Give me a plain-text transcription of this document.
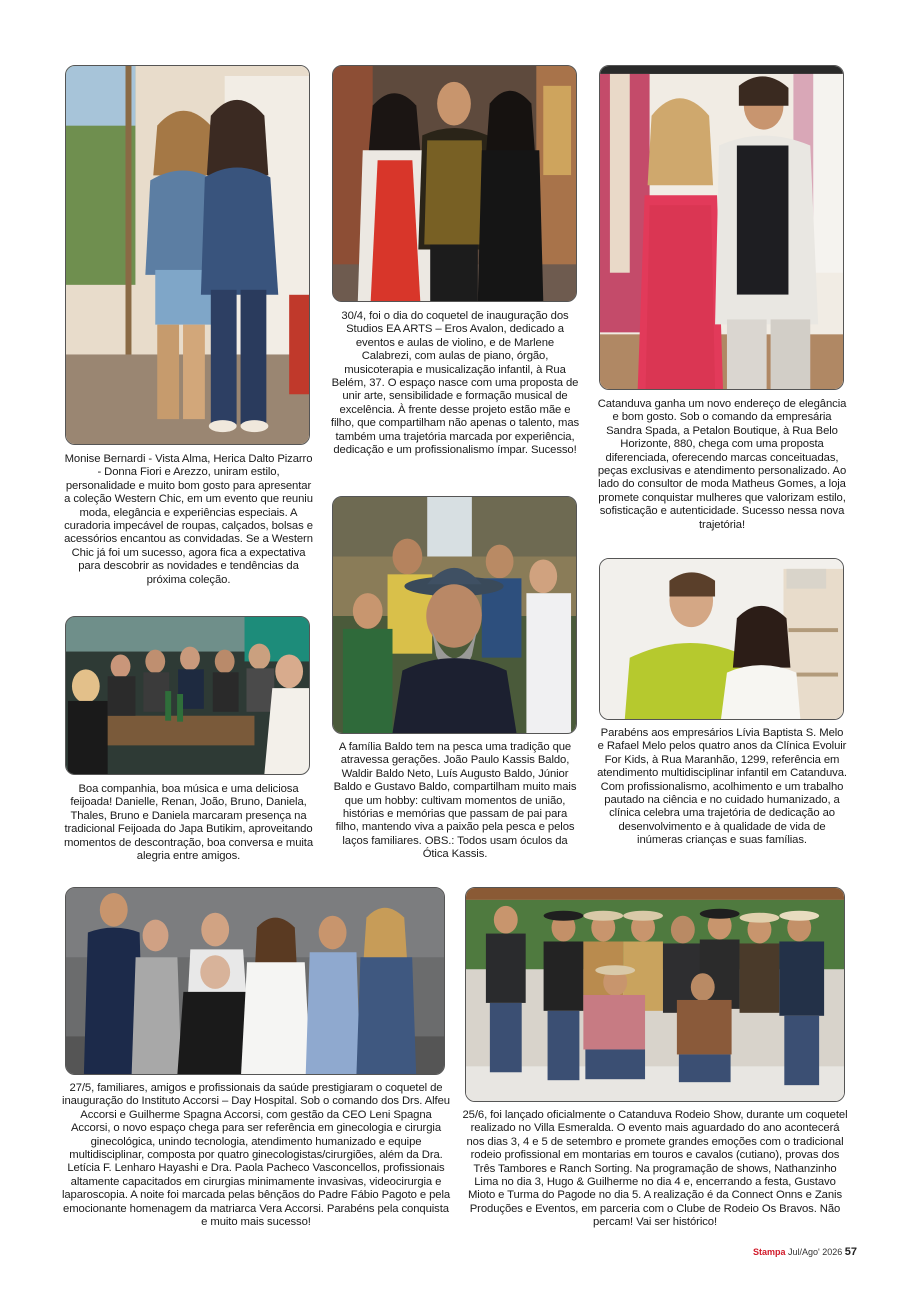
Monise Bernardi - Vista Alma, Herica Dalto Pizarro - Donna Fiori e Arezzo, uniram estilo, personalidade e muito bom gosto para apresentar a coleção Western Chic, em um evento que reuniu moda, elegância e experiências especiais. A curadoria impecável de roupas, calçados, bolsas e acessórios encantou as convidadas. Se a Western Chic já foi um sucesso, agora fica a expectativa para descobrir as novidades e tendências da próxima coleção.
30/4, foi o dia do coquetel de inauguração dos Studios EA ARTS – Eros Avalon, dedicado a eventos e aulas de violino, e de Marlene Calabrezi, com aulas de piano, órgão, musicoterapia e musicalização infantil, à Rua Belém, 37. O espaço nasce com uma proposta de unir arte, sensibilidade e formação musical de excelência. À frente desse projeto estão mãe e filho, que compartilham não apenas o talento, mas também uma trajetória marcada por experiência, dedicação e um profissionalismo ímpar. Sucesso!
Catanduva ganha um novo endereço de elegância e bom gosto. Sob o comando da empresária Sandra Spada, a Petalon Boutique, à Rua Belo Horizonte, 880, chega com uma proposta diferenciada, oferecendo marcas conceituadas, peças exclusivas e atendimento personalizado. Ao lado do consultor de moda Matheus Gomes, a loja promete conquistar mulheres que valorizam estilo, sofisticação e autenticidade. Sucesso nessa nova trajetória!
Boa companhia, boa música e uma deliciosa feijoada! Danielle, Renan, João, Bruno, Daniela, Thales, Bruno e Daniela marcaram presença na tradicional Feijoada do Japa Butikim, aproveitando momentos de descontração, boa conversa e muita alegria entre amigos.
A família Baldo tem na pesca uma tradição que atravessa gerações. João Paulo Kassis Baldo, Waldir Baldo Neto, Luís Augusto Baldo, Júnior Baldo e Gustavo Baldo, compartilham muito mais que um hobby: cultivam momentos de união, histórias e memórias que passam de pai para filho, mantendo viva a paixão pela pesca e pelos laços familiares. OBS.: Todos usam óculos da Ótica Kassis.
Parabéns aos empresários Lívia Baptista S. Melo e Rafael Melo pelos quatro anos da Clínica Evoluir For Kids, à Rua Maranhão, 1299, referência em atendimento multidisciplinar infantil em Catanduva. Com profissionalismo, acolhimento e um trabalho pautado na ciência e no cuidado humanizado, a clínica celebra uma trajetória de dedicação ao desenvolvimento e à qualidade de vida de inúmeras crianças e suas famílias.
27/5, familiares, amigos e profissionais da saúde prestigiaram o coquetel de inauguração do Instituto Accorsi – Day Hospital. Sob o comando dos Drs. Alfeu Accorsi e Guilherme Spagna Accorsi, com gestão da CEO Leni Spagna Accorsi, o novo espaço chega para ser referência em ginecologia e cirurgia ginecológica, unindo tecnologia, atendimento humanizado e equipe multidisciplinar, composta por quatro ginecologistas/cirurgiões, além da Dra. Letícia F. Lenharo Hayashi e Dra. Paola Pacheco Vasconcellos, profissionais altamente capacitados em cirurgias minimamente invasivas, videocirurgia e laparoscopia. A noite foi marcada pelas bênçãos do Padre Fábio Pagoto e pela emocionante homenagem da matriarca Vera Accorsi. Parabéns pela conquista e muito mais sucesso!
25/6, foi lançado oficialmente o Catanduva Rodeio Show, durante um coquetel realizado no Villa Esmeralda. O evento mais aguardado do ano acontecerá nos dias 3, 4 e 5 de setembro e promete grandes emoções com o tradicional rodeio profissional em montarias em touros e cavalos (cutiano), provas dos Três Tambores e Ranch Sorting. Na programação de shows, Nathanzinho Lima no dia 3, Hugo & Guilherme no dia 4 e, encerrando a festa, Gustavo Mioto e Turma do Pagode no dia 5. A realização é da Connect Onns e Zanis Produções e Eventos, em parceria com o Clube de Rodeio Os Bravos. Não percam! Vai ser histórico!
Stampa Jul/Ago' 2026 57
